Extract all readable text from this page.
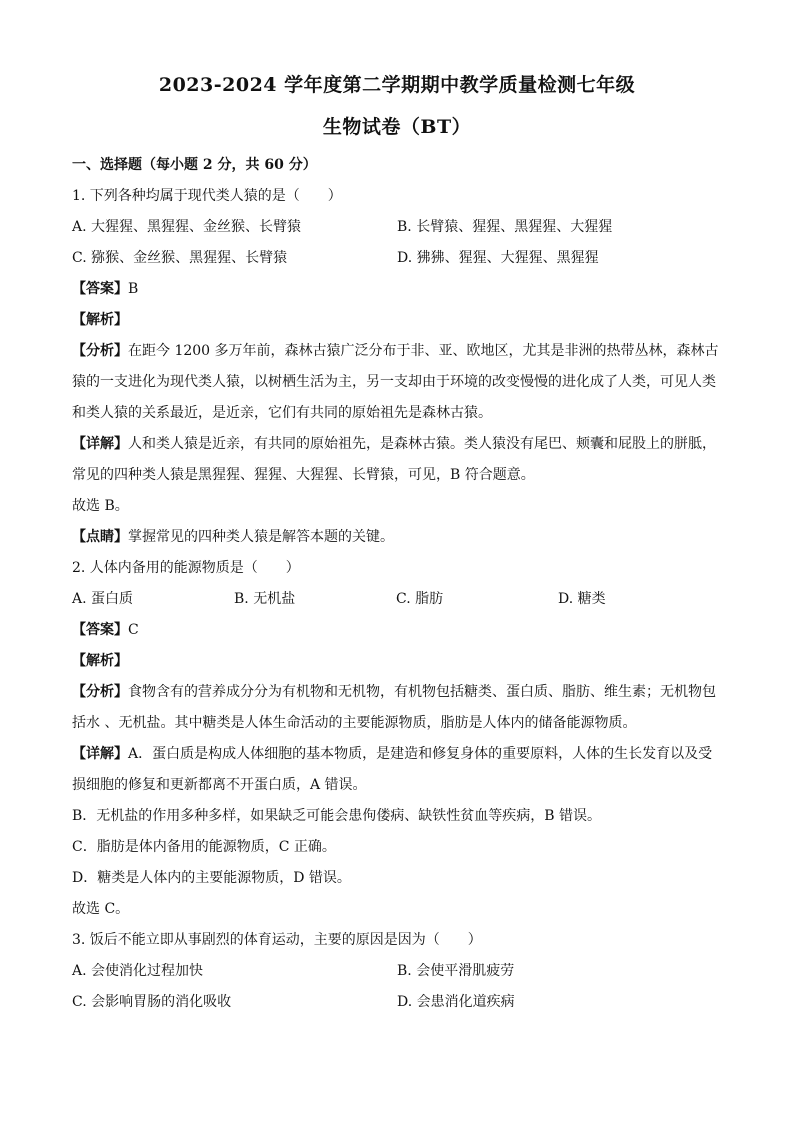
2023-2024 学年度第二学期期中教学质量检测七年级
生物试卷（BT）
一、选择题（每小题 2 分，共 60 分）
1. 下列各种均属于现代类人猿的是（　　）
A. 大猩猩、黑猩猩、金丝猴、长臂猿	B. 长臂猿、猩猩、黑猩猩、大猩猩
C. 猕猴、金丝猴、黑猩猩、长臂猿	D. 狒狒、猩猩、大猩猩、黑猩猩
【答案】B
【解析】
【分析】在距今 1200 多万年前，森林古猿广泛分布于非、亚、欧地区，尤其是非洲的热带丛林，森林古猿的一支进化为现代类人猿，以树栖生活为主，另一支却由于环境的改变慢慢的进化成了人类，可见人类和类人猿的关系最近，是近亲，它们有共同的原始祖先是森林古猿。
【详解】人和类人猿是近亲，有共同的原始祖先，是森林古猿。类人猿没有尾巴、颊囊和屁股上的胼胝，常见的四种类人猿是黑猩猩、猩猩、大猩猩、长臂猿，可见，B 符合题意。
故选 B。
【点睛】掌握常见的四种类人猿是解答本题的关键。
2. 人体内备用的能源物质是（　　）
A. 蛋白质	B. 无机盐	C. 脂肪	D. 糖类
【答案】C
【解析】
【分析】食物含有的营养成分分为有机物和无机物，有机物包括糖类、蛋白质、脂肪、维生素；无机物包括水 、无机盐。其中糖类是人体生命活动的主要能源物质，脂肪是人体内的储备能源物质。
【详解】A．蛋白质是构成人体细胞的基本物质，是建造和修复身体的重要原料，人体的生长发育以及受损细胞的修复和更新都离不开蛋白质，A 错误。
B．无机盐的作用多种多样，如果缺乏可能会患佝偻病、缺铁性贫血等疾病，B 错误。
C．脂肪是体内备用的能源物质，C 正确。
D．糖类是人体内的主要能源物质，D 错误。
故选 C。
3. 饭后不能立即从事剧烈的体育运动，主要的原因是因为（　　）
A. 会使消化过程加快	B. 会使平滑肌疲劳
C. 会影响胃肠的消化吸收	D. 会患消化道疾病
